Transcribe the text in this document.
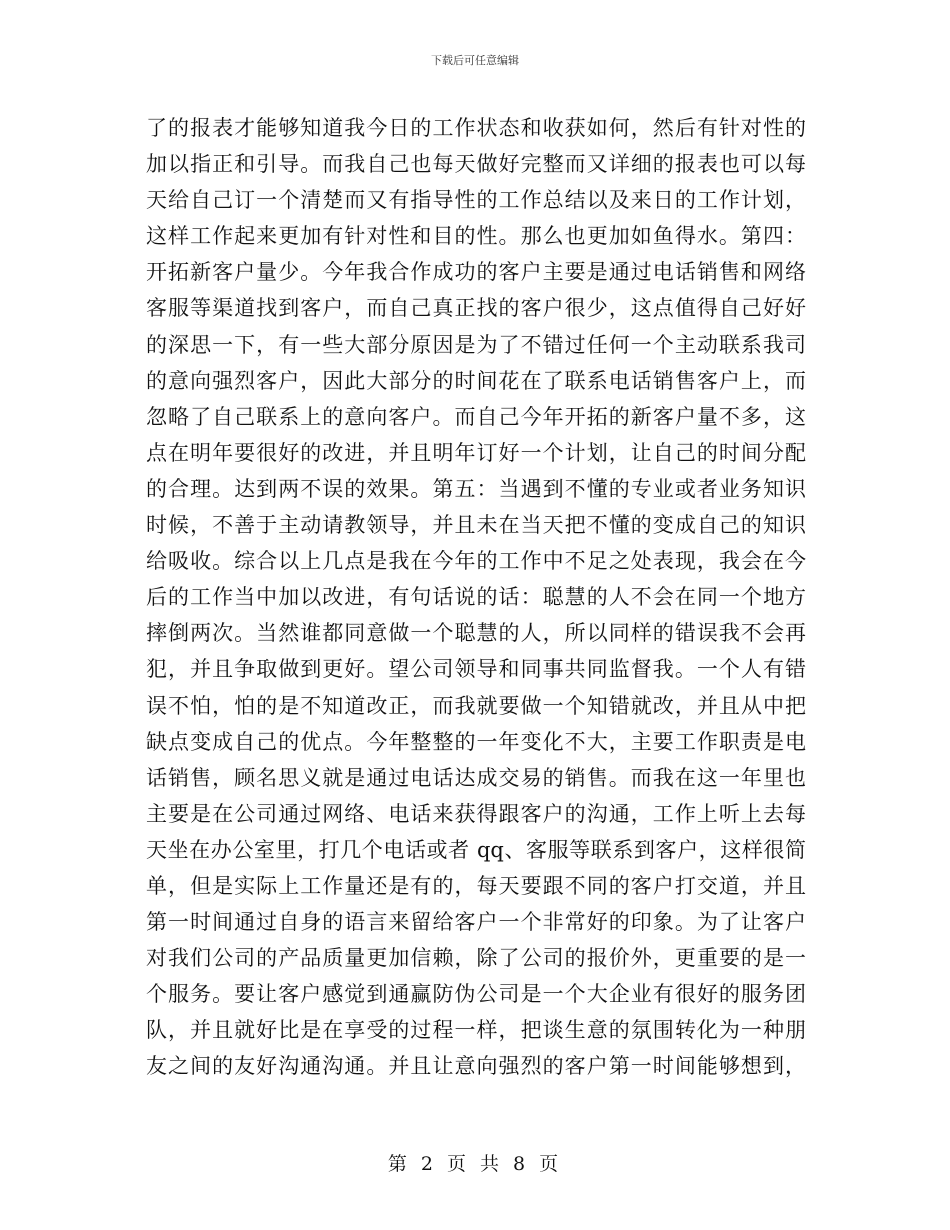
下载后可任意编辑
了的报表才能够知道我今日的工作状态和收获如何，然后有针对性的
加以指正和引导。而我自己也每天做好完整而又详细的报表也可以每
天给自己订一个清楚而又有指导性的工作总结以及来日的工作计划，
这样工作起来更加有针对性和目的性。那么也更加如鱼得水。第四：
开拓新客户量少。今年我合作成功的客户主要是通过电话销售和网络
客服等渠道找到客户，而自己真正找的客户很少，这点值得自己好好
的深思一下，有一些大部分原因是为了不错过任何一个主动联系我司
的意向强烈客户，因此大部分的时间花在了联系电话销售客户上，而
忽略了自己联系上的意向客户。而自己今年开拓的新客户量不多，这
点在明年要很好的改进，并且明年订好一个计划，让自己的时间分配
的合理。达到两不误的效果。第五：当遇到不懂的专业或者业务知识
时候，不善于主动请教领导，并且未在当天把不懂的变成自己的知识
给吸收。综合以上几点是我在今年的工作中不足之处表现，我会在今
后的工作当中加以改进，有句话说的话：聪慧的人不会在同一个地方
摔倒两次。当然谁都同意做一个聪慧的人，所以同样的错误我不会再
犯，并且争取做到更好。望公司领导和同事共同监督我。一个人有错
误不怕，怕的是不知道改正，而我就要做一个知错就改，并且从中把
缺点变成自己的优点。今年整整的一年变化不大，主要工作职责是电
话销售，顾名思义就是通过电话达成交易的销售。而我在这一年里也
主要是在公司通过网络、电话来获得跟客户的沟通，工作上听上去每
天坐在办公室里，打几个电话或者 qq、客服等联系到客户，这样很简
单，但是实际上工作量还是有的，每天要跟不同的客户打交道，并且
第一时间通过自身的语言来留给客户一个非常好的印象。为了让客户
对我们公司的产品质量更加信赖，除了公司的报价外，更重要的是一
个服务。要让客户感觉到通赢防伪公司是一个大企业有很好的服务团
队，并且就好比是在享受的过程一样，把谈生意的氛围转化为一种朋
友之间的友好沟通沟通。并且让意向强烈的客户第一时间能够想到，
第 2 页 共 8 页
